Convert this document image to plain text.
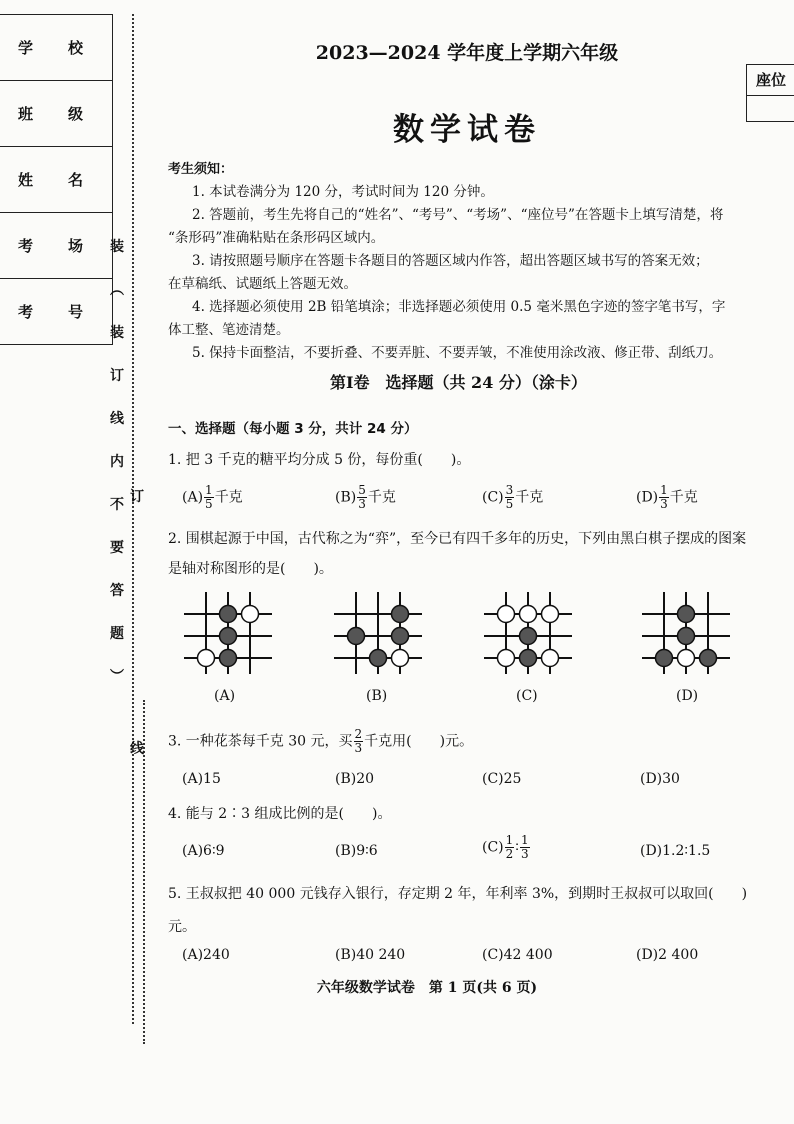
学 校
班 级
姓 名
考 场
考 号
装
︵
装
订
线
内
不
要
答
题
︶
订
线
座位
2023—2024 学年度上学期六年级
数学试卷

考生须知：

1. 本试卷满分为 120 分，考试时间为 120 分钟。

2. 答题前，考生先将自己的“姓名”、“考号”、“考场”、“座位号”在答题卡上填写清楚，将

“条形码”准确粘贴在条形码区域内。

3. 请按照题号顺序在答题卡各题目的答题区域内作答，超出答题区域书写的答案无效；

在草稿纸、试题纸上答题无效。

4. 选择题必须使用 2B 铅笔填涂；非选择题必须使用 0.5 毫米黑色字迹的签字笔书写，字

体工整、笔迹清楚。

5. 保持卡面整洁，不要折叠、不要弄脏、不要弄皱，不准使用涂改液、修正带、刮纸刀。

第Ⅰ卷　选择题（共 24 分）（涂卡）
一、选择题（每小题 3 分，共计 24 分）
1. 把 3 千克的糖平均分成 5 份，每份重(　　)。
$(A) \frac{1}{5}$ 千克	$(B) \frac{5}{3}$ 千克	$(C) \frac{3}{5}$ 千克	$(D) \frac{1}{3}$ 千克
2. 围棋起源于中国，古代称之为“弈”，至今已有四千多年的历史，下列由黑白棋子摆成的图案
是轴对称图形的是(　　)。
(A)	(B)	(C)	(D)
3. 一种花茶每千克 30 元，买 $\frac{2}{3}$ 千克用(　　)元。
(A)15	(B)20	(C)25	(D)30
4. 能与 2∶3 组成比例的是(　　)。
(A)6∶9	(B)9∶6	$(C) \frac{1}{2}$ ∶ $\frac{1}{3}$	(D)1.2∶1.5
5. 王叔叔把 40 000 元钱存入银行，存定期 2 年，年利率 3%，到期时王叔叔可以取回(　　)
元。
(A)240	(B)40 240	(C)42 400	(D)2 400
六年级数学试卷　第 1 页(共 6 页)
